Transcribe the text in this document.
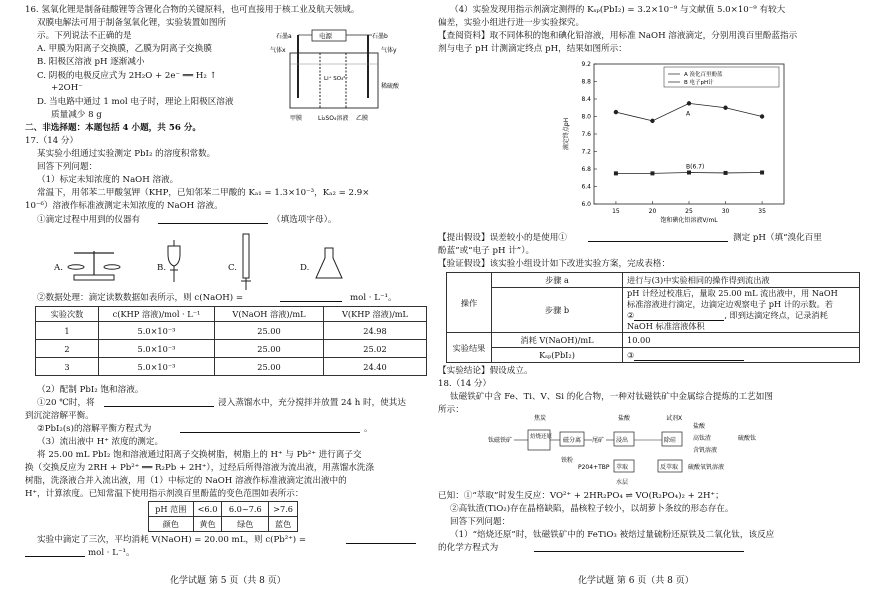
16. 氢氧化锂是制备硅酸锂等含锂化合物的关键原料，也可直接用于核工业及航天领域。
双膜电解法可用于制备氢氧化锂，实验装置如图所
示。下列说法不正确的是
A. 甲膜为阳离子交换膜，乙膜为阴离子交换膜
B. 阳极区溶液 pH 逐渐减小
C. 阴极的电极反应式为 2H₂O + 2e⁻ ══ H₂ ↑
+2OH⁻
D. 当电路中通过 1 mol 电子时，理论上阳极区溶液
质量减少 8 g
电源
石墨a	石墨b
气体x	气体y
Li⁺ SO₄²⁻
稀硫酸
甲膜	Li₂SO₄溶液 乙膜
二、非选择题：本题包括 4 小题，共 56 分。
17.（14 分）
某实验小组通过实验测定 PbI₂ 的溶度积常数。
回答下列问题：
（1）标定未知浓度的 NaOH 溶液。
常温下，用邻苯二甲酸氢钾（KHP，已知邻苯二甲酸的 Kₐ₁ = 1.3×10⁻³，Kₐ₂ = 2.9×
10⁻⁶）溶液作标准液测定未知浓度的 NaOH 溶液。
①滴定过程中用到的仪器有	（填选项字母）。
A.	B.	C.	D.
②数据处理：滴定读数数据如表所示，则 c(NaOH) =	mol · L⁻¹。
实验次数	c(KHP 溶液)/mol · L⁻¹	V(NaOH 溶液)/mL	V(KHP 溶液)/mL
1	5.0×10⁻³	25.00	24.98
2	5.0×10⁻³	25.00	25.02
3	5.0×10⁻³	25.00	24.40
（2）配制 PbI₂ 饱和溶液。
①20 ℃时，将	浸入蒸馏水中，充分搅拌并放置 24 h 时，使其达
到沉淀溶解平衡。
②PbI₂(s)的溶解平衡方程式为	。
（3）流出液中 H⁺ 浓度的测定。
将 25.00 mL PbI₂ 饱和溶液通过阳离子交换树脂，树脂上的 H⁺ 与 Pb²⁺ 进行离子交
换（交换反应为 2RH + Pb²⁺ ══ R₂Pb + 2H⁺），过经后所得溶液为流出液，用蒸馏水洗涤
树脂，洗涤液合并入流出液，用（1）中标定的 NaOH 溶液作标准液滴定流出液中的
H⁺，计算浓度。已知常温下使用指示剂溴百里酚蓝的变色范围如表所示：
pH 范围	<6.0	6.0~7.6	>7.6
颜色	黄色	绿色	蓝色
实验中滴定了三次，平均消耗 V(NaOH) = 20.00 mL，则 c(Pb²⁺) =
mol · L⁻¹。
化学试题 第 5 页（共 8 页）
（4）实验发现用指示剂滴定测得的 Kₛₚ(PbI₂) = 3.2×10⁻⁹ 与文献值 5.0×10⁻⁹ 有较大
偏差，实验小组进行进一步实验探究。
【查阅资料】取不同体积的饱和碘化铅溶液，用标准 NaOH 溶液滴定，分别用溴百里酚蓝指示
剂与电子 pH 计测滴定终点 pH，结果如图所示：
6.0
6.4
6.8
7.2
7.6
8.0
8.4
8.8
9.2
15	20	25	30	35
饱和碘化铅溶液V/mL
滴定终点pH
A
B(6.7)
A 溴化百里酚蓝
B 电子pH计
【提出假设】误差较小的是使用①	测定 pH（填“溴化百里
酚蓝”或“电子 pH 计”）。
【验证假设】该实验小组设计如下改进实验方案，完成表格：
操作	步骤 a	进行与(3)中实验相同的操作得到流出液
	步骤 b	pH 计经过校准后，量取 25.00 mL 流出液中，用 NaOH
标准溶液进行滴定，边滴定边观察电子 pH 计的示数。若
② , 即到达滴定终点，记录消耗
NaOH 标准溶液体积

实验结果	消耗 V(NaOH)/mL	10.00
	Kₛₚ(PbI₂)	③
【实验结论】假设成立。
18.（14 分）
钛磁铁矿中含 Fe、Ti、V、Si 的化合物，一种对钛磁铁矿中金属综合提炼的工艺如图
所示：
钛磁铁矿
焦炭
焙烧还原 磁分离
铁粉
尾矿
盐酸
浸出
萃取
P204+TBP
水层
试剂X
除硅
反萃取
盐酸
高钛渣
含钒溶液
硫酸钛
硫酸氧钒溶液
已知：①“萃取”时发生反应：VO²⁺ + 2HR₂PO₄ ⇌ VO(R₂PO₄)₂ + 2H⁺；
②高钛渣(TiO₂)存在晶格缺陷，晶核粒子较小，以胡萝卜条纹的形态存在。
回答下列问题：
（1）“焙烧还原”时，钛磁铁矿中的 FeTiO₃ 被焙过量硫粉还原铁及二氧化钛，该反应
的化学方程式为
化学试题 第 6 页（共 8 页）
